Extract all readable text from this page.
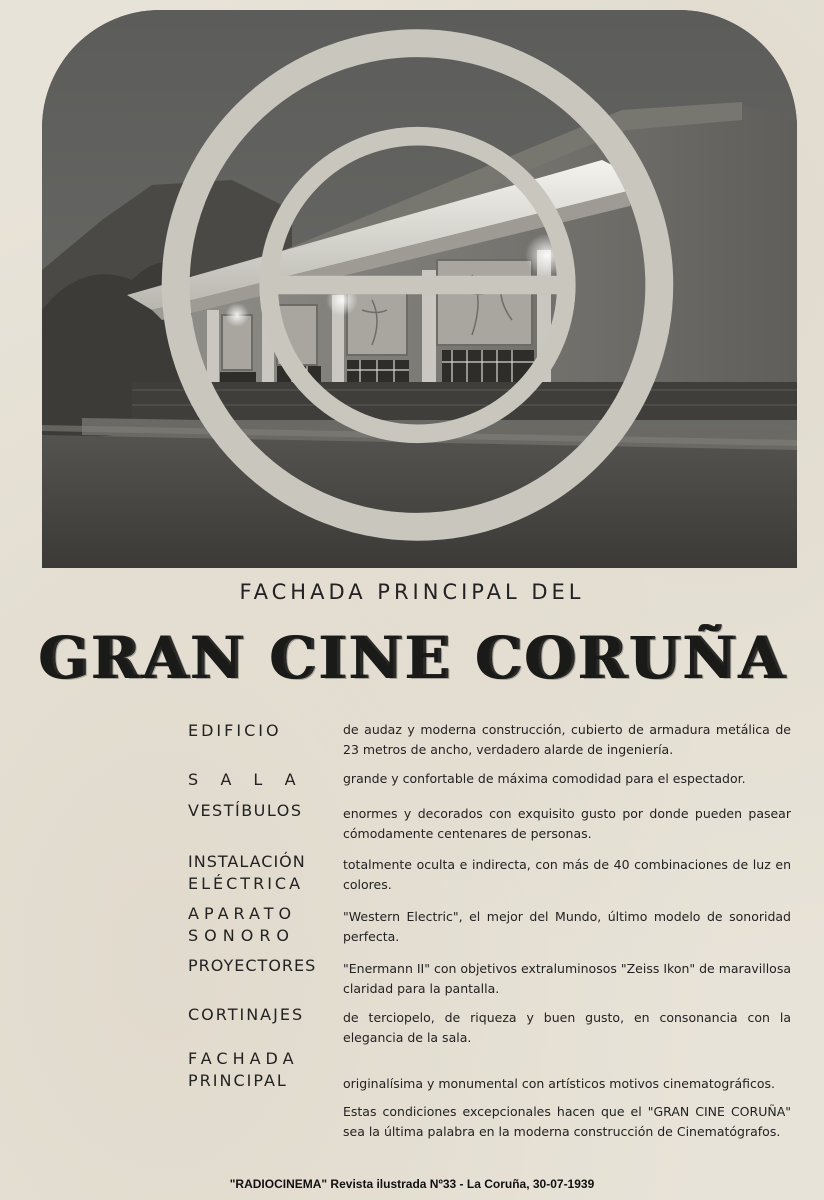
FACHADA PRINCIPAL DEL
GRAN CINE CORUÑA
EDIFICIO	de audaz y moderna construcción, cubierto de armadura metálica de 23 metros de ancho, verdadero alarde de ingeniería.
SALA	grande y confortable de máxima comodidad para el espectador.
VESTÍBULOS	enormes y decorados con exquisito gusto por donde pueden pasear cómodamente centenares de personas.
INSTALACIÓN
ELÉCTRICA
totalmente oculta e indirecta, con más de 40 combinaciones de luz en colores.
APARATO
SONORO
"Western Electric", el mejor del Mundo, último modelo de sonoridad perfecta.
PROYECTORES "Enermann II" con objetivos extraluminosos "Zeiss Ikon" de maravillosa claridad para la pantalla.
CORTINAJES	de terciopelo, de riqueza y buen gusto, en consonancia con la elegancia de la sala.
FACHADA
PRINCIPAL	originalísima y monumental con artísticos motivos cinematográficos.
Estas condiciones excepcionales hacen que el "GRAN CINE CORUÑA" sea la última palabra en la moderna construcción de Cinematógrafos.
"RADIOCINEMA" Revista ilustrada Nº33 - La Coruña, 30-07-1939
